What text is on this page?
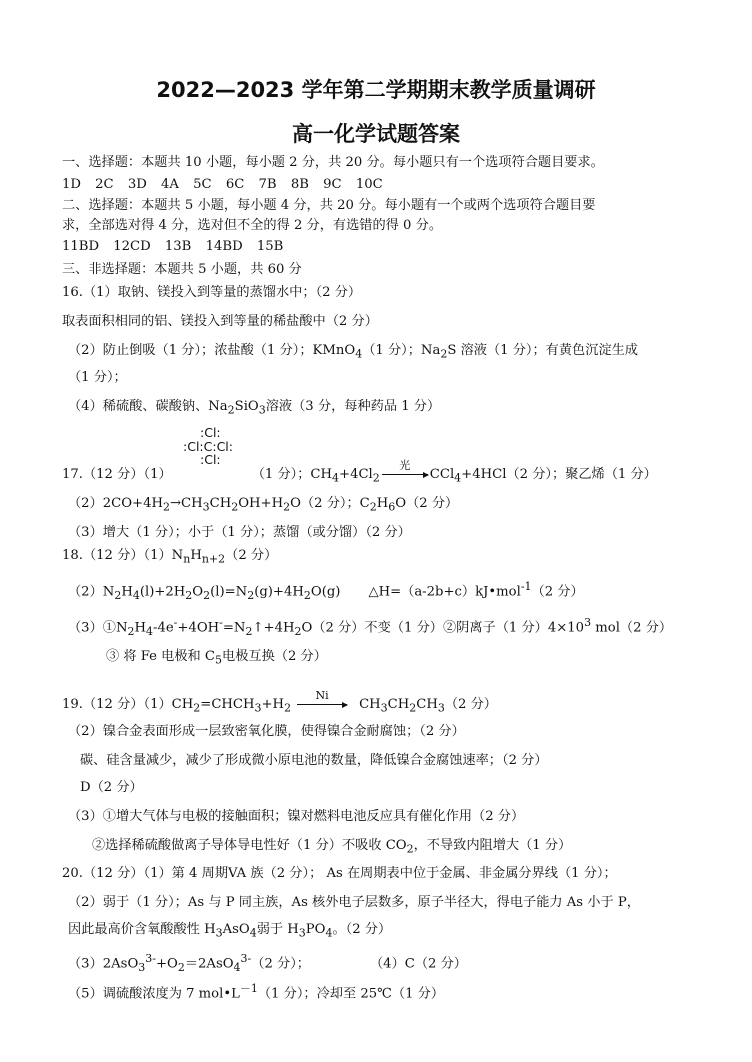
2022—2023 学年第二学期期末教学质量调研
高一化学试题答案
一、选择题：本题共 10 小题，每小题 2 分，共 20 分。每小题只有一个选项符合题目要求。
1D 2C 3D 4A 5C 6C 7B 8B 9C 10C
二、选择题：本题共 5 小题，每小题 4 分，共 20 分。每小题有一个或两个选项符合题目要
求，全部选对得 4 分，选对但不全的得 2 分，有选错的得 0 分。
11BD 12CD 13B 14BD 15B
三、非选择题：本题共 5 小题，共 60 分
16.（1）取钠、镁投入到等量的蒸馏水中；（2 分）
取表面积相同的铝、镁投入到等量的稀盐酸中（2 分）
（2）防止倒吸（1 分）；浓盐酸（1 分）；KMnO$_4$（1 分）；$Na_2S$ 溶液（1 分）；有黄色沉淀生成
（1 分）；
（4）稀硫酸、碳酸钠、$Na_2SiO_3$溶液（3 分，每种药品 1 分）
:Cl:
:Cl:C:Cl:
:Cl:
17.（12 分）（1）	（1 分）；$CH_4+4Cl_2$
光
CCl$_4$+4HCl（2 分）；聚乙烯（1 分）
$(2)2CO+4H_2\to CH_3CH_2OH+H_2O(2$ 分）；$C_2H_6O(2$ 分）
（3）增大（1 分）；小于（1 分）；蒸馏（或分馏）（2 分）
18.（12 分）$(1)N_nH_{n+2}(2$ 分）
$(2)N_2H_4(l)+2H_2O_2(l)=N_2(g)+4H_2O(g)$ △H=（a-2b+c）kJ•mol$^{-1}$（2 分）
$(3)①N_2H_4-4e^-+4OH^-=N_2↑+4H_2O(2$ 分）不变（1 分）②阴离子（1 分）$4\times 10^3$ mol（2 分）
③ 将 Fe 电极和 $C_5$电极互换（2 分）
19.（12 分）$(1)CH_2=CHCH_3+H_2$
Ni
$CH_3CH_2CH_3(2$ 分）
（2）镍合金表面形成一层致密氧化膜，使得镍合金耐腐蚀；（2 分）
碳、硅含量减少，减少了形成微小原电池的数量，降低镍合金腐蚀速率；（2 分）
D（2 分）
（3）①增大气体与电极的接触面积；镍对燃料电池反应具有催化作用（2 分）
②选择稀硫酸做离子导体导电性好（1 分）不吸收 $CO_2$，不导致内阻增大（1 分）
20.（12 分）（1）第 4 周期VA 族（2 分）； As 在周期表中位于金属、非金属分界线（1 分）；
（2）弱于（1 分）；As 与 P 同主族，As 核外电子层数多，原子半径大，得电子能力 As 小于 P，
因此最高价含氧酸酸性 $H_3AsO_4$弱于 $H_3PO_4$。（2 分）
$(3)2AsO_3^{3-}+O_2=2AsO_4^{3-}(2$ 分）；	（4）C（2 分）
（5）调硫酸浓度为 7 $mol•L^{-1}(1$ 分）；冷却至 25℃（1 分）
